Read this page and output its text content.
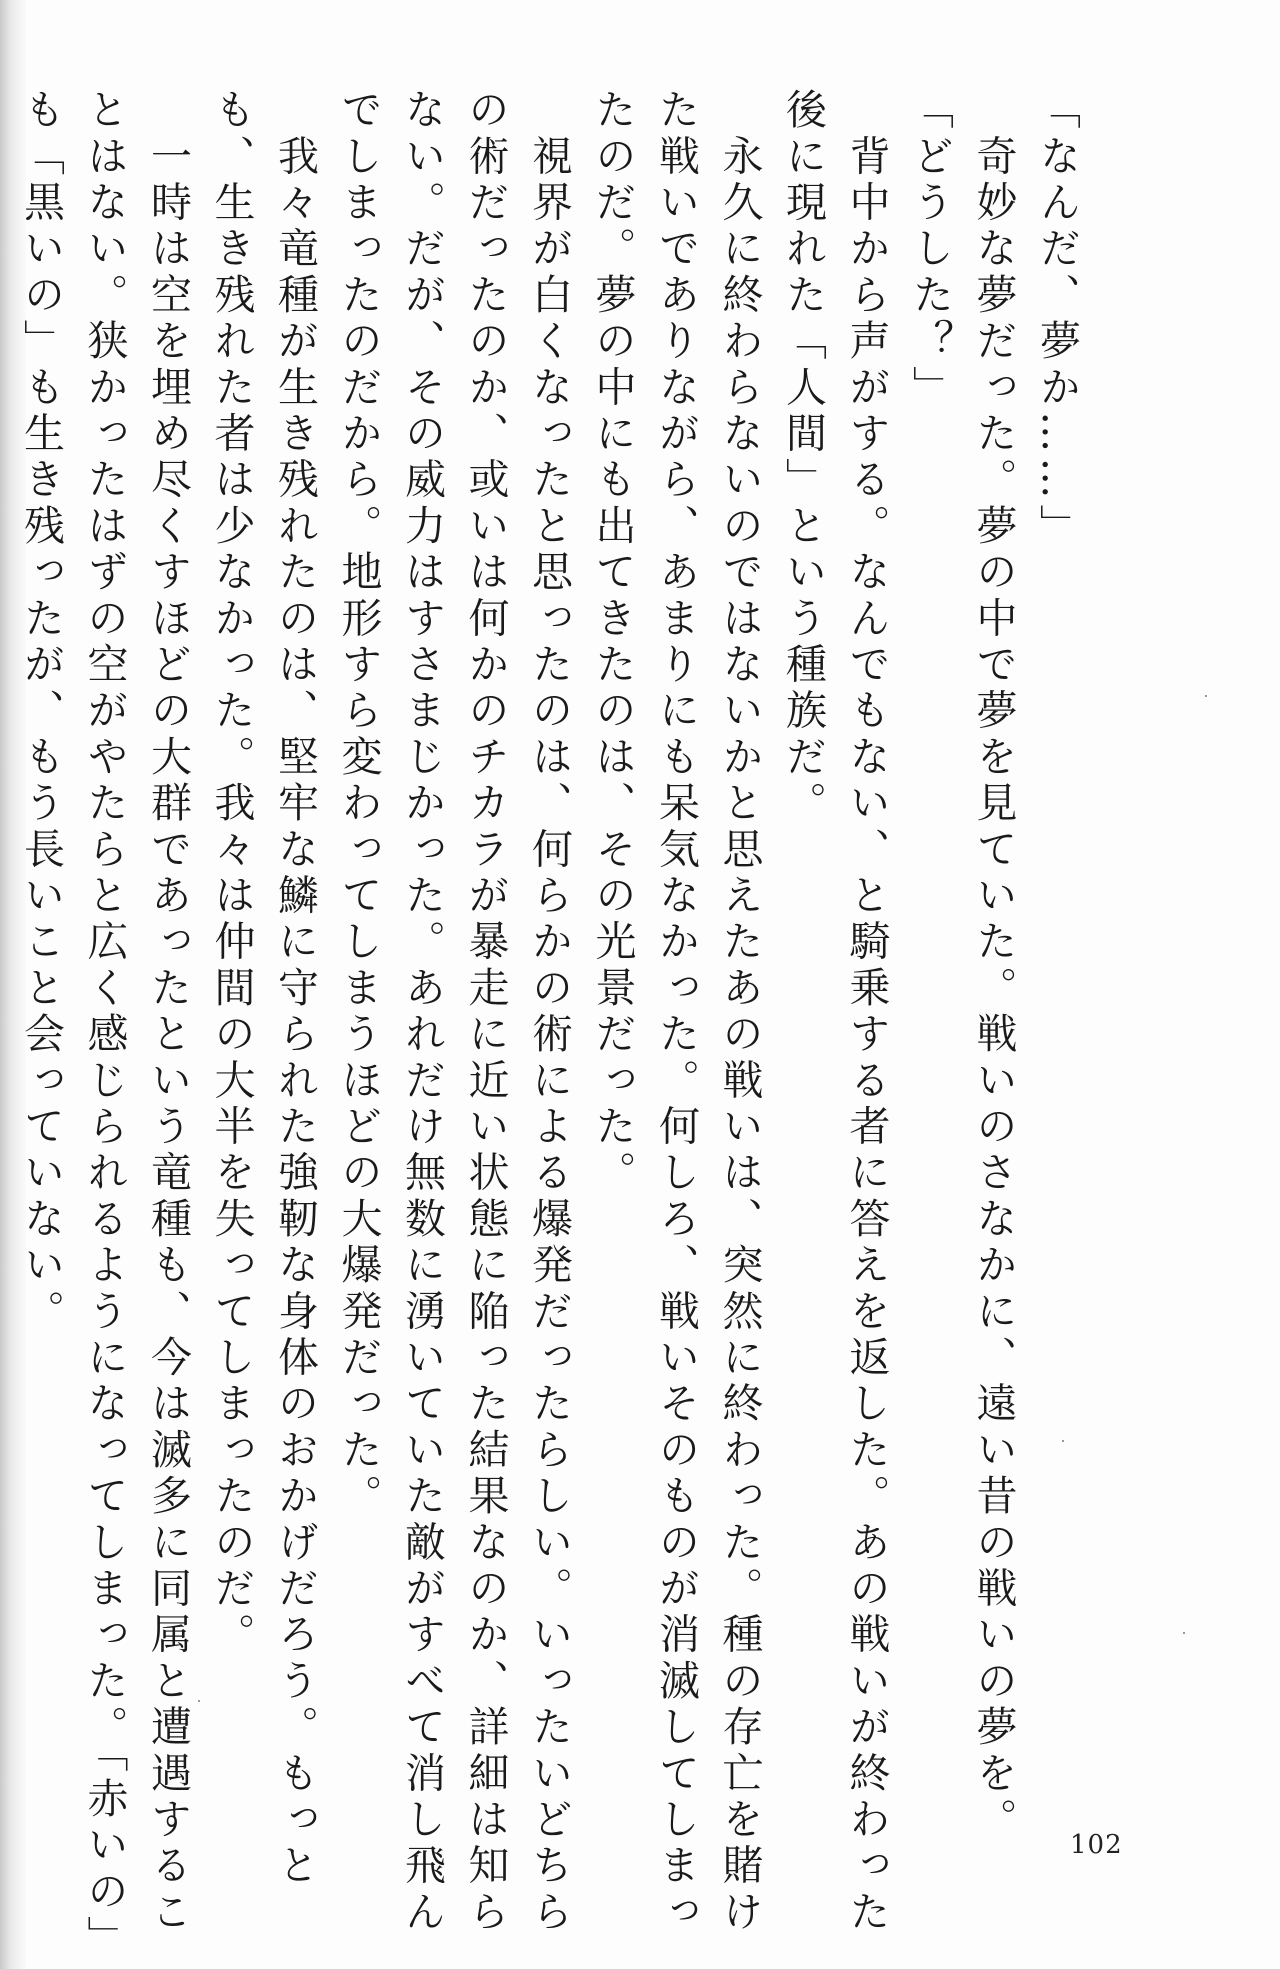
「なんだ、夢か……」

　奇妙な夢だった。夢の中で夢を見ていた。戦いのさなかに、遠い昔の戦いの夢を。

「どうした？」

　背中から声がする。なんでもない、と騎乗する者に答えを返した。あの戦いが終わった

後に現れた「人間」という種族だ。

　永久に終わらないのではないかと思えたあの戦いは、突然に終わった。種の存亡を賭け

た戦いでありながら、あまりにも呆気なかった。何しろ、戦いそのものが消滅してしまっ

たのだ。夢の中にも出てきたのは、その光景だった。

　視界が白くなったと思ったのは、何らかの術による爆発だったらしい。いったいどちら

の術だったのか、或いは何かのチカラが暴走に近い状態に陥った結果なのか、詳細は知ら

ない。だが、その威力はすさまじかった。あれだけ無数に湧いていた敵がすべて消し飛ん

でしまったのだから。地形すら変わってしまうほどの大爆発だった。

　我々竜種が生き残れたのは、堅牢な鱗に守られた強靭な身体のおかげだろう。もっと

も、生き残れた者は少なかった。我々は仲間の大半を失ってしまったのだ。

　一時は空を埋め尽くすほどの大群であったという竜種も、今は滅多に同属と遭遇するこ

とはない。狭かったはずの空がやたらと広く感じられるようになってしまった。「赤いの」

も「黒いの」も生き残ったが、もう長いこと会っていない。

102
